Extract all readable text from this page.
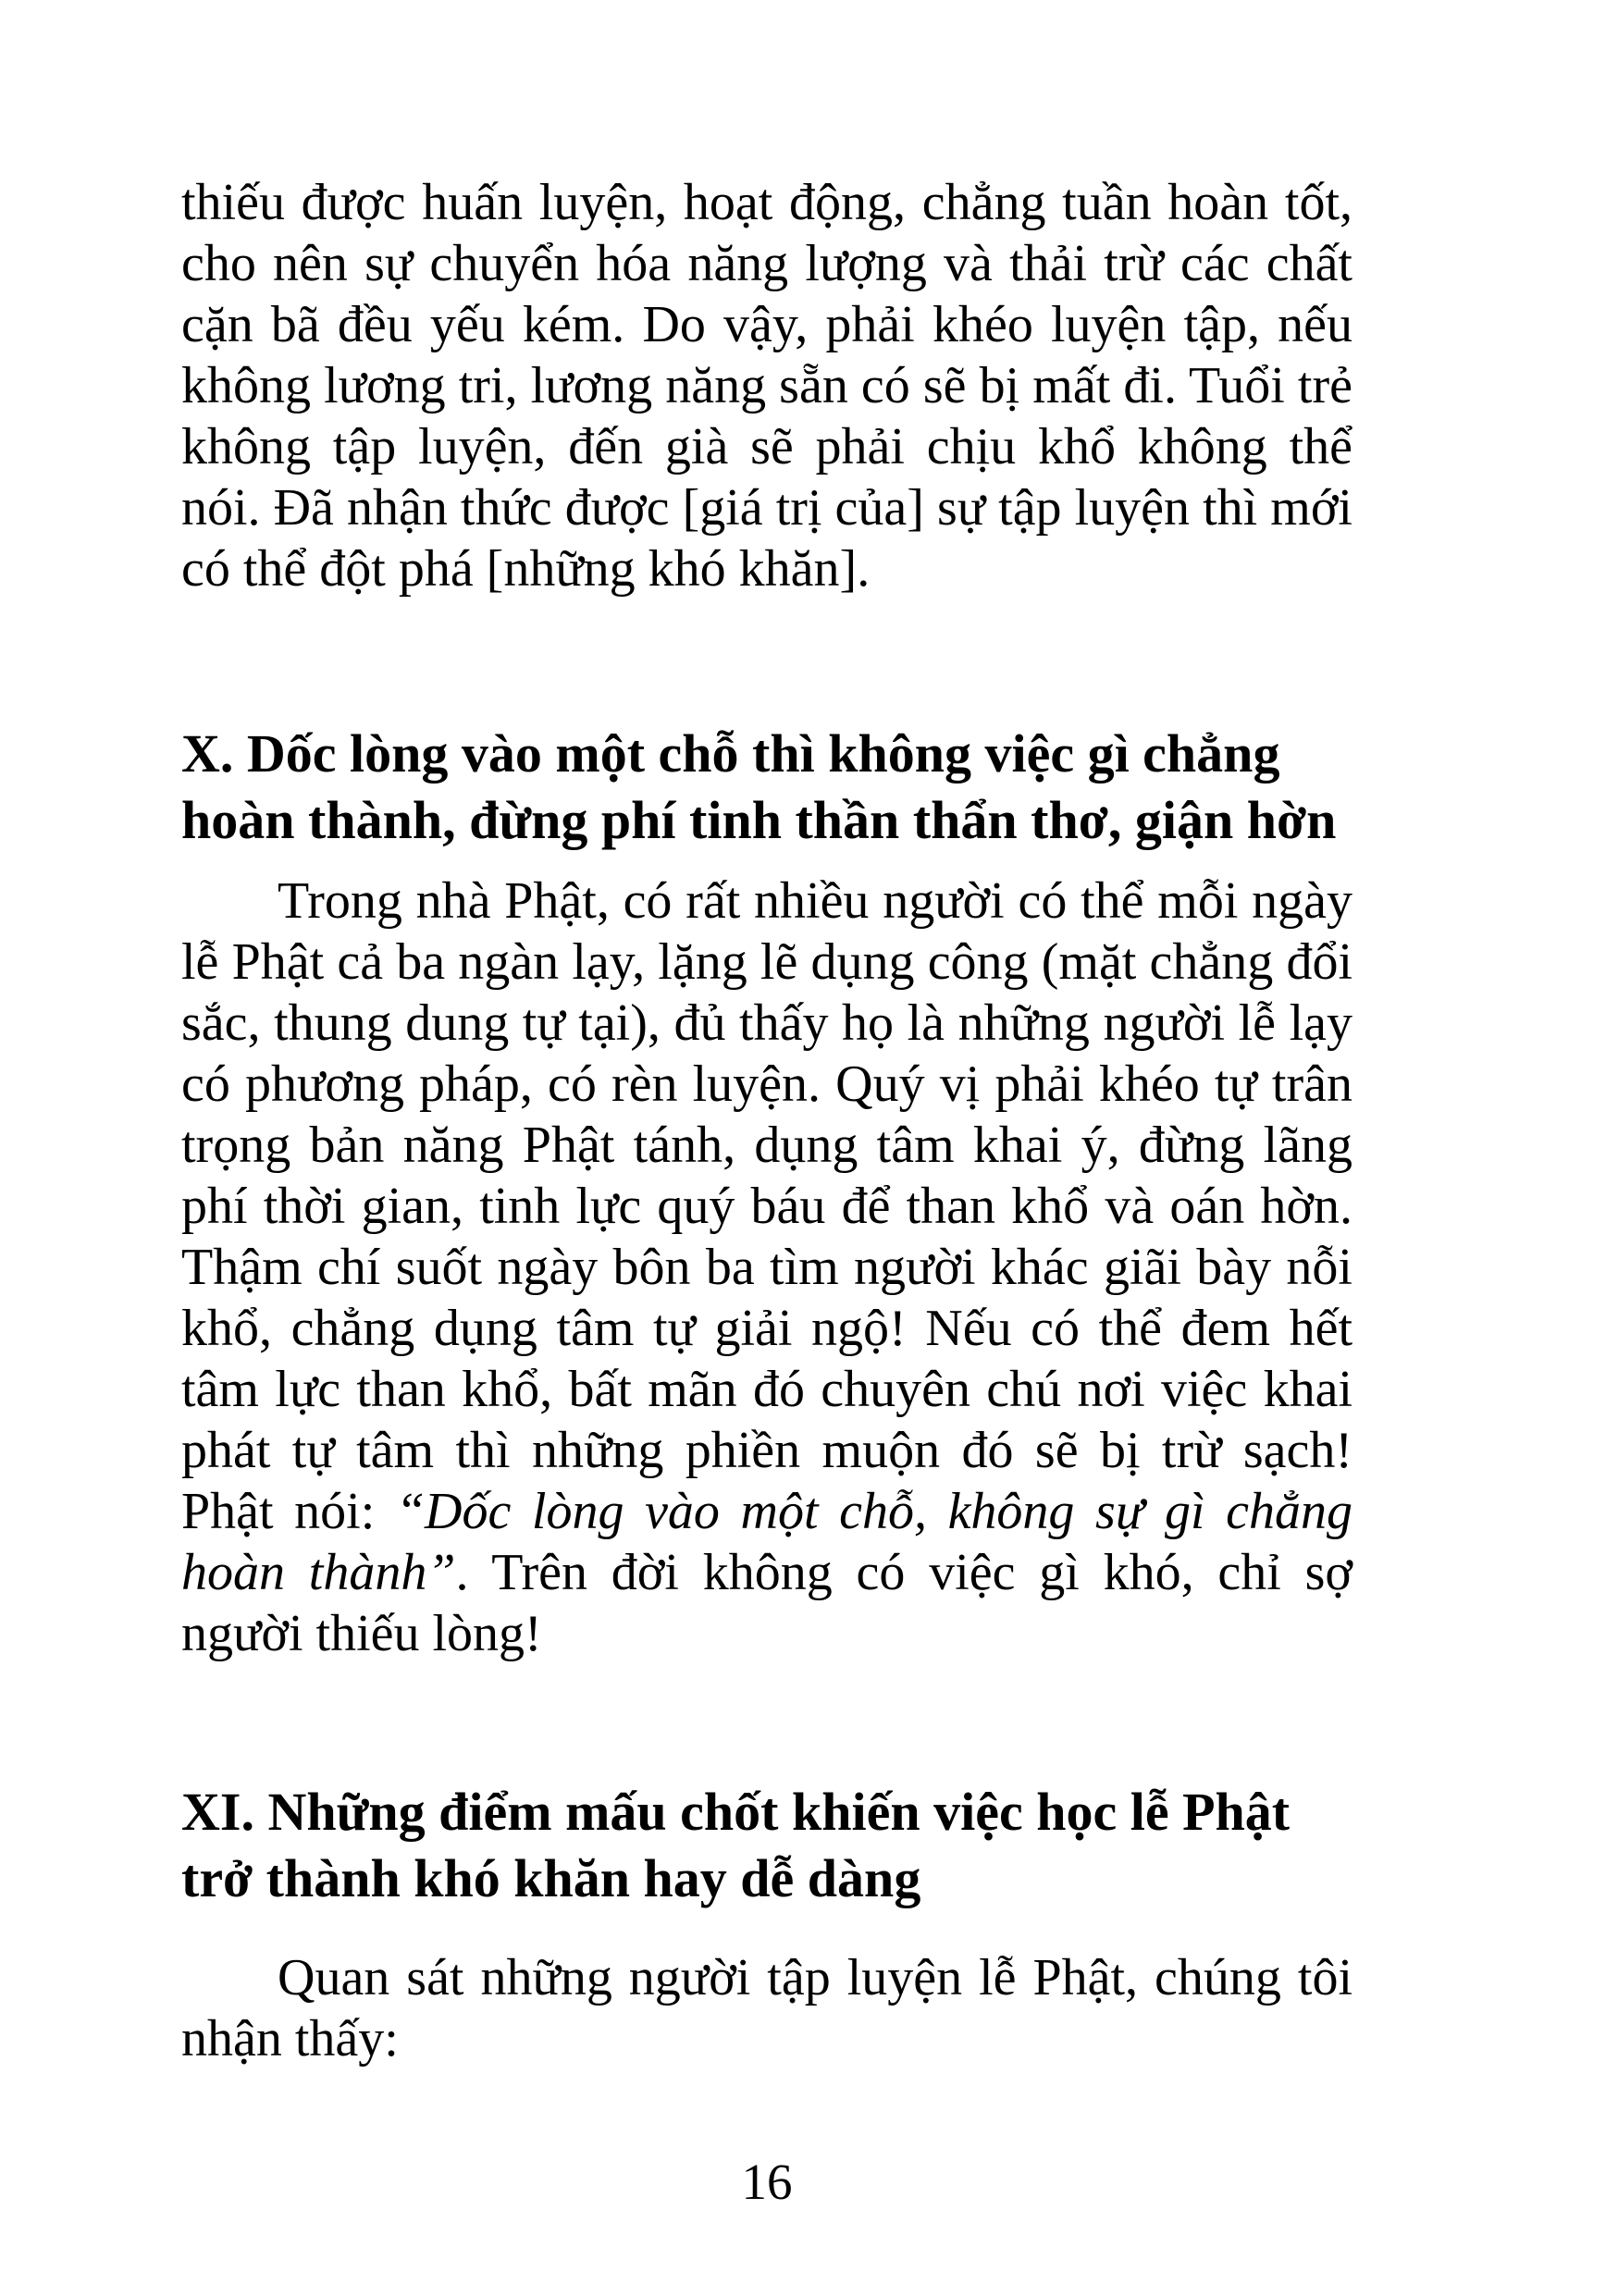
thiếu được huấn luyện, hoạt động, chẳng tuần hoàn tốt, cho nên sự chuyển hóa năng lượng và thải trừ các chất cặn bã đều yếu kém. Do vậy, phải khéo luyện tập, nếu không lương tri, lương năng sẵn có sẽ bị mất đi. Tuổi trẻ không tập luyện, đến già sẽ phải chịu khổ không thể nói. Đã nhận thức được [giá trị của] sự tập luyện thì mới có thể đột phá [những khó khăn].

X. Dốc lòng vào một chỗ thì không việc gì chẳng
hoàn thành, đừng phí tinh thần thẩn thơ, giận hờn

Trong nhà Phật, có rất nhiều người có thể mỗi ngày lễ Phật cả ba ngàn lạy, lặng lẽ dụng công (mặt chẳng đổi sắc, thung dung tự tại), đủ thấy họ là những người lễ lạy có phương pháp, có rèn luyện. Quý vị phải khéo tự trân trọng bản năng Phật tánh, dụng tâm khai ý, đừng lãng phí thời gian, tinh lực quý báu để than khổ và oán hờn. Thậm chí suốt ngày bôn ba tìm người khác giãi bày nỗi khổ, chẳng dụng tâm tự giải ngộ! Nếu có thể đem hết tâm lực than khổ, bất mãn đó chuyên chú nơi việc khai phát tự tâm thì những phiền muộn đó sẽ bị trừ sạch! Phật nói: “Dốc lòng vào một chỗ, không sự gì chẳng hoàn thành”. Trên đời không có việc gì khó, chỉ sợ người thiếu lòng!

XI. Những điểm mấu chốt khiến việc học lễ Phật
trở thành khó khăn hay dễ dàng

Quan sát những người tập luyện lễ Phật, chúng tôi nhận thấy:

16
